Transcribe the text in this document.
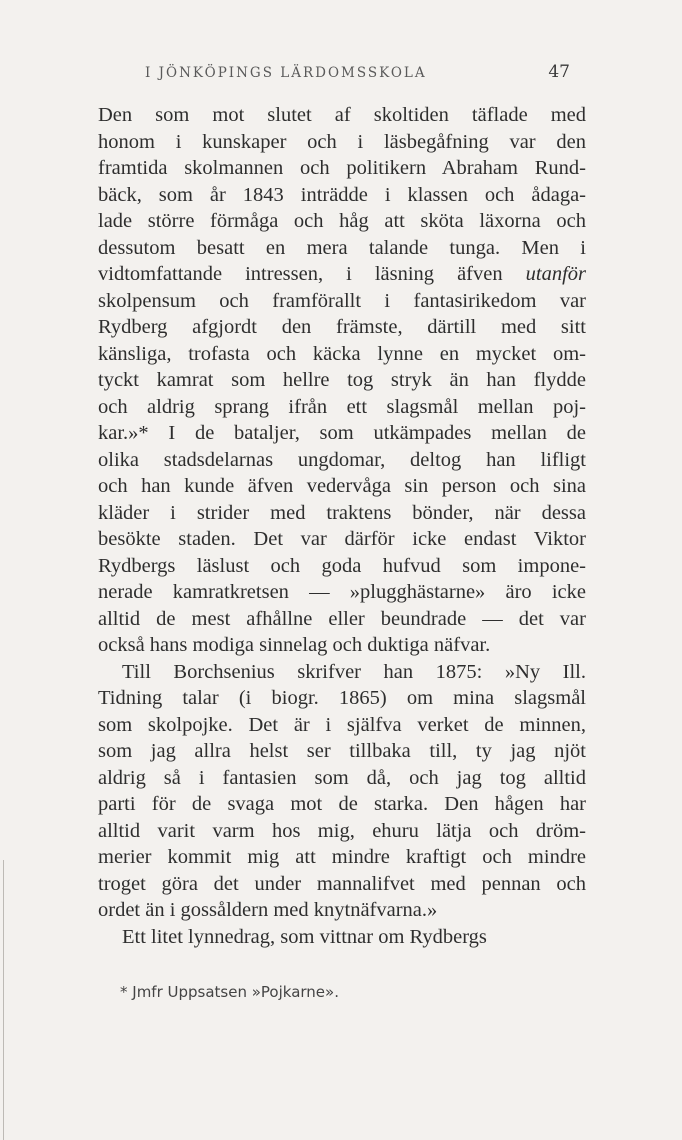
I JÖNKÖPINGS LÄRDOMSSKOLA	47
Den som mot slutet af skoltiden täflade med
honom i kunskaper och i läsbegåfning var den
framtida skolmannen och politikern Abraham Rund-
bäck, som år 1843 inträdde i klassen och ådaga-
lade större förmåga och håg att sköta läxorna och
dessutom besatt en mera talande tunga. Men i
vidtomfattande intressen, i läsning äfven utanför
skolpensum och framförallt i fantasirikedom var
Rydberg afgjordt den främste, därtill med sitt
känsliga, trofasta och käcka lynne en mycket om-
tyckt kamrat som hellre tog stryk än han flydde
och aldrig sprang ifrån ett slagsmål mellan poj-
kar.»* I de bataljer, som utkämpades mellan de
olika stadsdelarnas ungdomar, deltog han lifligt
och han kunde äfven vedervåga sin person och sina
kläder i strider med traktens bönder, när dessa
besökte staden. Det var därför icke endast Viktor
Rydbergs läslust och goda hufvud som impone-
nerade kamratkretsen — »plugghästarne» äro icke
alltid de mest afhållne eller beundrade — det var
också hans modiga sinnelag och duktiga näfvar.
Till Borchsenius skrifver han 1875: »Ny Ill.
Tidning talar (i biogr. 1865) om mina slagsmål
som skolpojke. Det är i själfva verket de minnen,
som jag allra helst ser tillbaka till, ty jag njöt
aldrig så i fantasien som då, och jag tog alltid
parti för de svaga mot de starka. Den hågen har
alltid varit varm hos mig, ehuru lätja och dröm-
merier kommit mig att mindre kraftigt och mindre
troget göra det under mannalifvet med pennan och
ordet än i gossåldern med knytnäfvarna.»
Ett litet lynnedrag, som vittnar om Rydbergs
* Jmfr Uppsatsen »Pojkarne».
